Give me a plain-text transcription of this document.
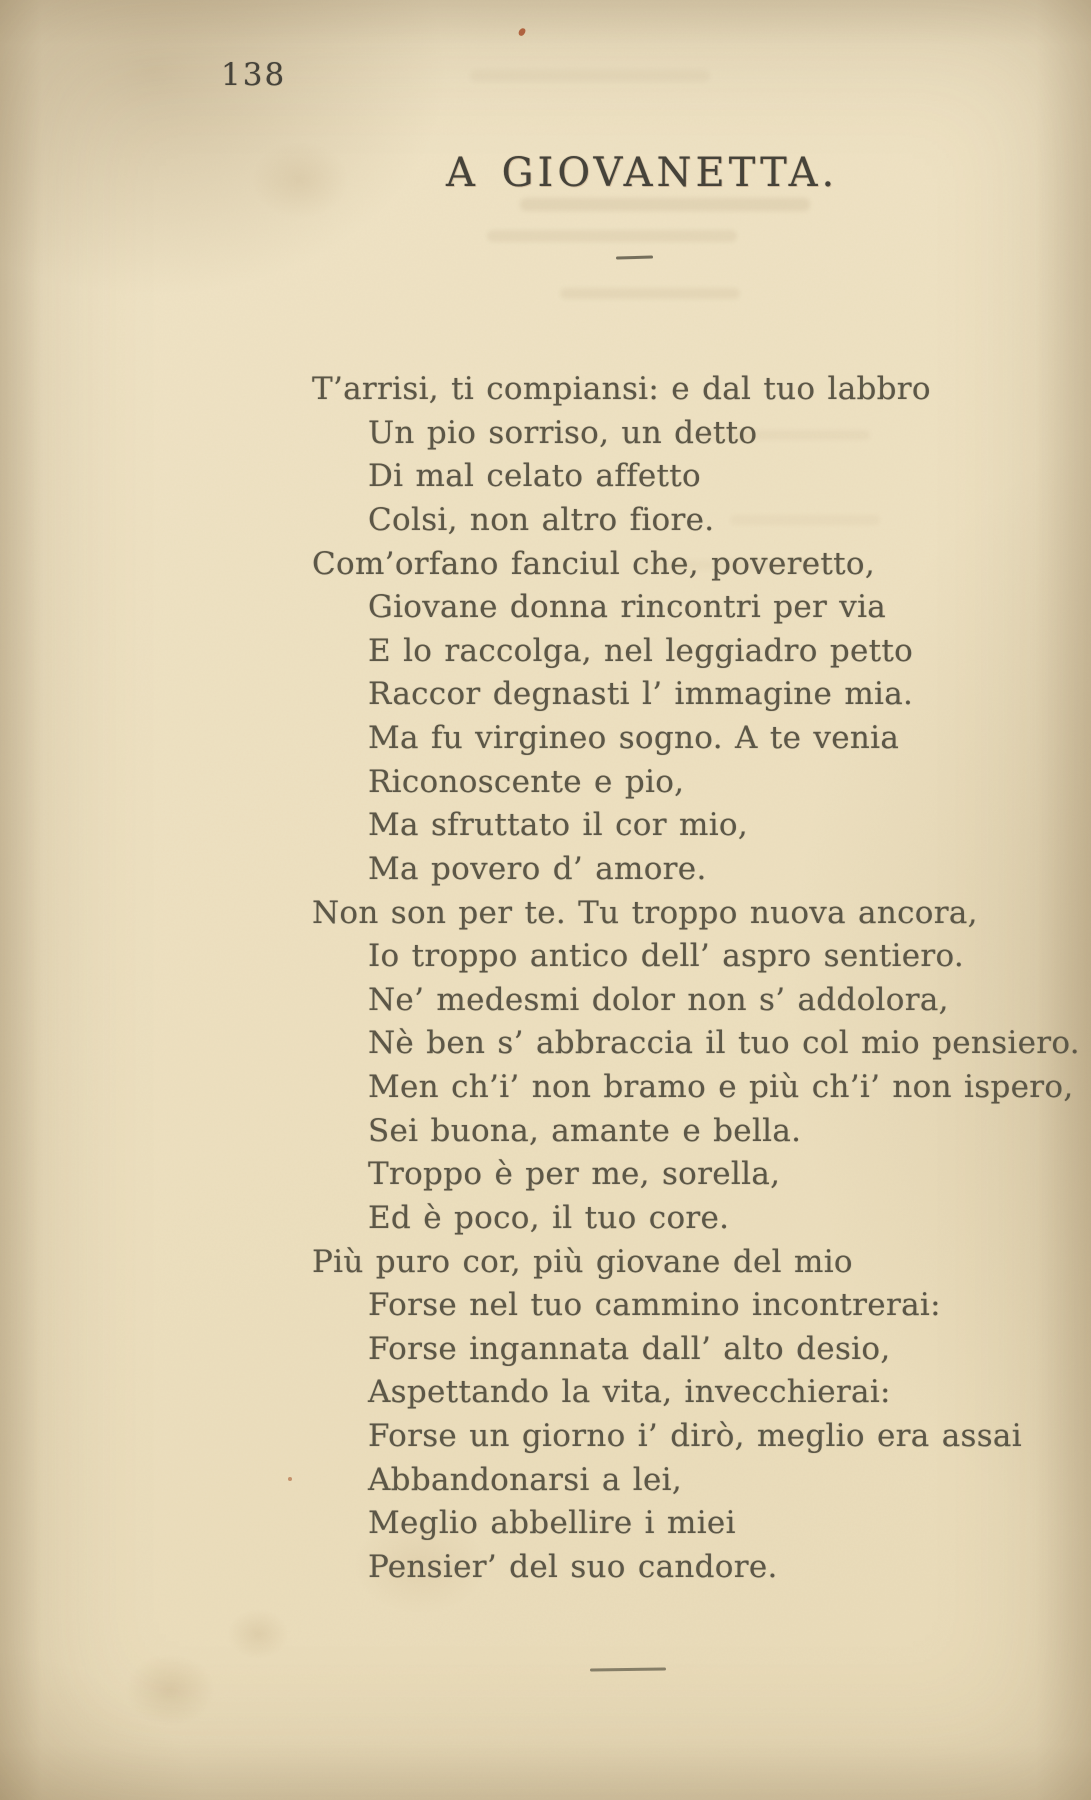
138
A GIOVANETTA.
T’arrisi, ti compiansi: e dal tuo labbro
Un pio sorriso, un detto
Di mal celato affetto
Colsi, non altro fiore.
Com’orfano fanciul che, poveretto,
Giovane donna rincontri per via
E lo raccolga, nel leggiadro petto
Raccor degnasti l’ immagine mia.
Ma fu virgineo sogno. A te venia
Riconoscente e pio,
Ma sfruttato il cor mio,
Ma povero d’ amore.
Non son per te. Tu troppo nuova ancora,
Io troppo antico dell’ aspro sentiero.
Ne’ medesmi dolor non s’ addolora,
Nè ben s’ abbraccia il tuo col mio pensiero.
Men ch’i’ non bramo e più ch’i’ non ispero,
Sei buona, amante e bella.
Troppo è per me, sorella,
Ed è poco, il tuo core.
Più puro cor, più giovane del mio
Forse nel tuo cammino incontrerai:
Forse ingannata dall’ alto desio,
Aspettando la vita, invecchierai:
Forse un giorno i’ dirò, meglio era assai
Abbandonarsi a lei,
Meglio abbellire i miei
Pensier’ del suo candore.
